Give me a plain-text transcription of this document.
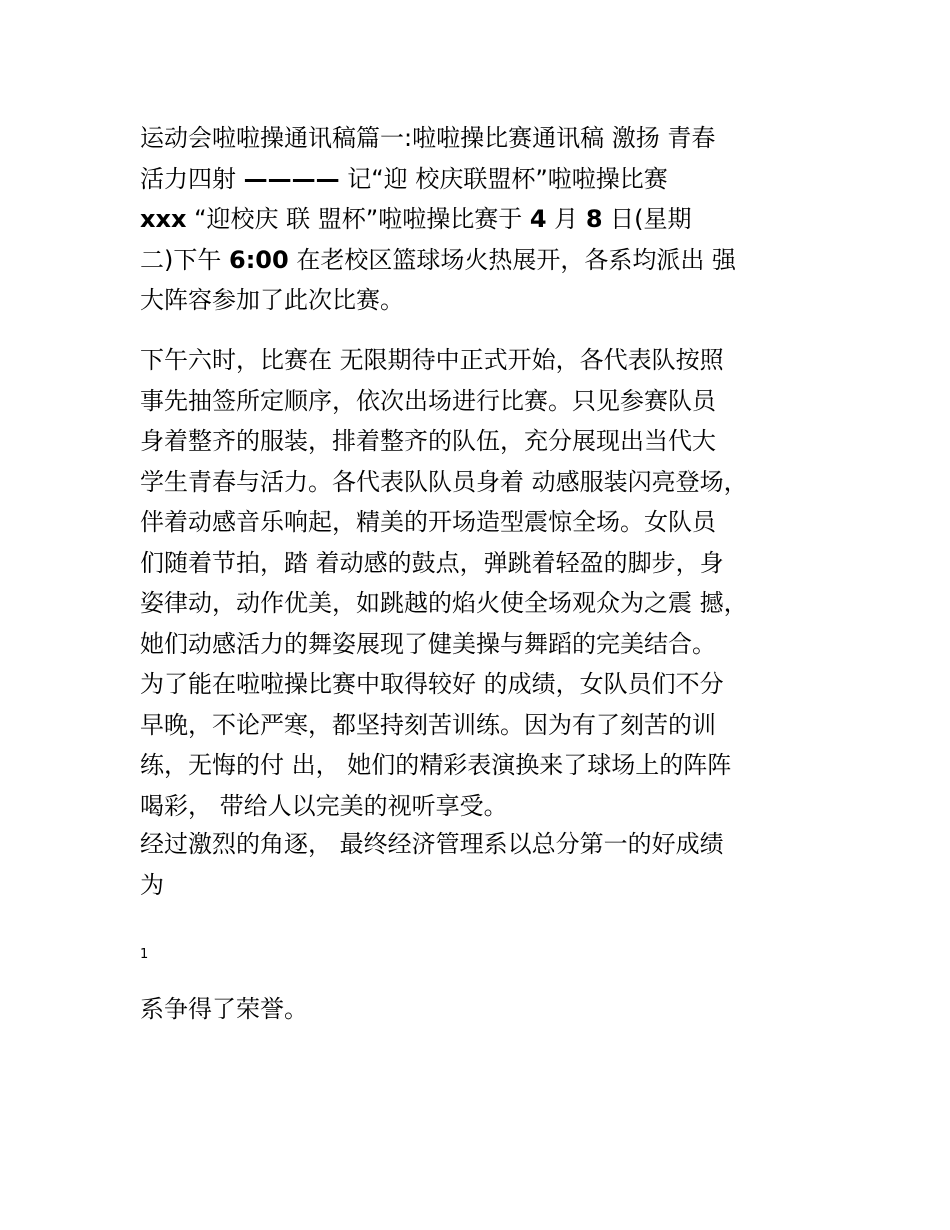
运动会啦啦操通讯稿篇一:啦啦操比赛通讯稿 激扬 青春
活力四射 ———— 记“迎 校庆联盟杯”啦啦操比赛
xxx “迎校庆 联 盟杯”啦啦操比赛于 4 月 8 日(星期
二)下午 6:00 在老校区篮球场火热展开，各系均派出 强
大阵容参加了此次比赛。
下午六时，比赛在 无限期待中正式开始，各代表队按照
事先抽签所定顺序，依次出场进行比赛。只见参赛队员
身着整齐的服装，排着整齐的队伍，充分展现出当代大
学生青春与活力。各代表队队员身着 动感服装闪亮登场，
伴着动感音乐响起，精美的开场造型震惊全场。女队员
们随着节拍，踏 着动感的鼓点，弹跳着轻盈的脚步，身
姿律动，动作优美，如跳越的焰火使全场观众为之震 撼，
她们动感活力的舞姿展现了健美操与舞蹈的完美结合。
为了能在啦啦操比赛中取得较好 的成绩，女队员们不分
早晚，不论严寒，都坚持刻苦训练。因为有了刻苦的训
练，无悔的付 出， 她们的精彩表演换来了球场上的阵阵
喝彩， 带给人以完美的视听享受。
经过激烈的角逐， 最终经济管理系以总分第一的好成绩
为

1

系争得了荣誉。
